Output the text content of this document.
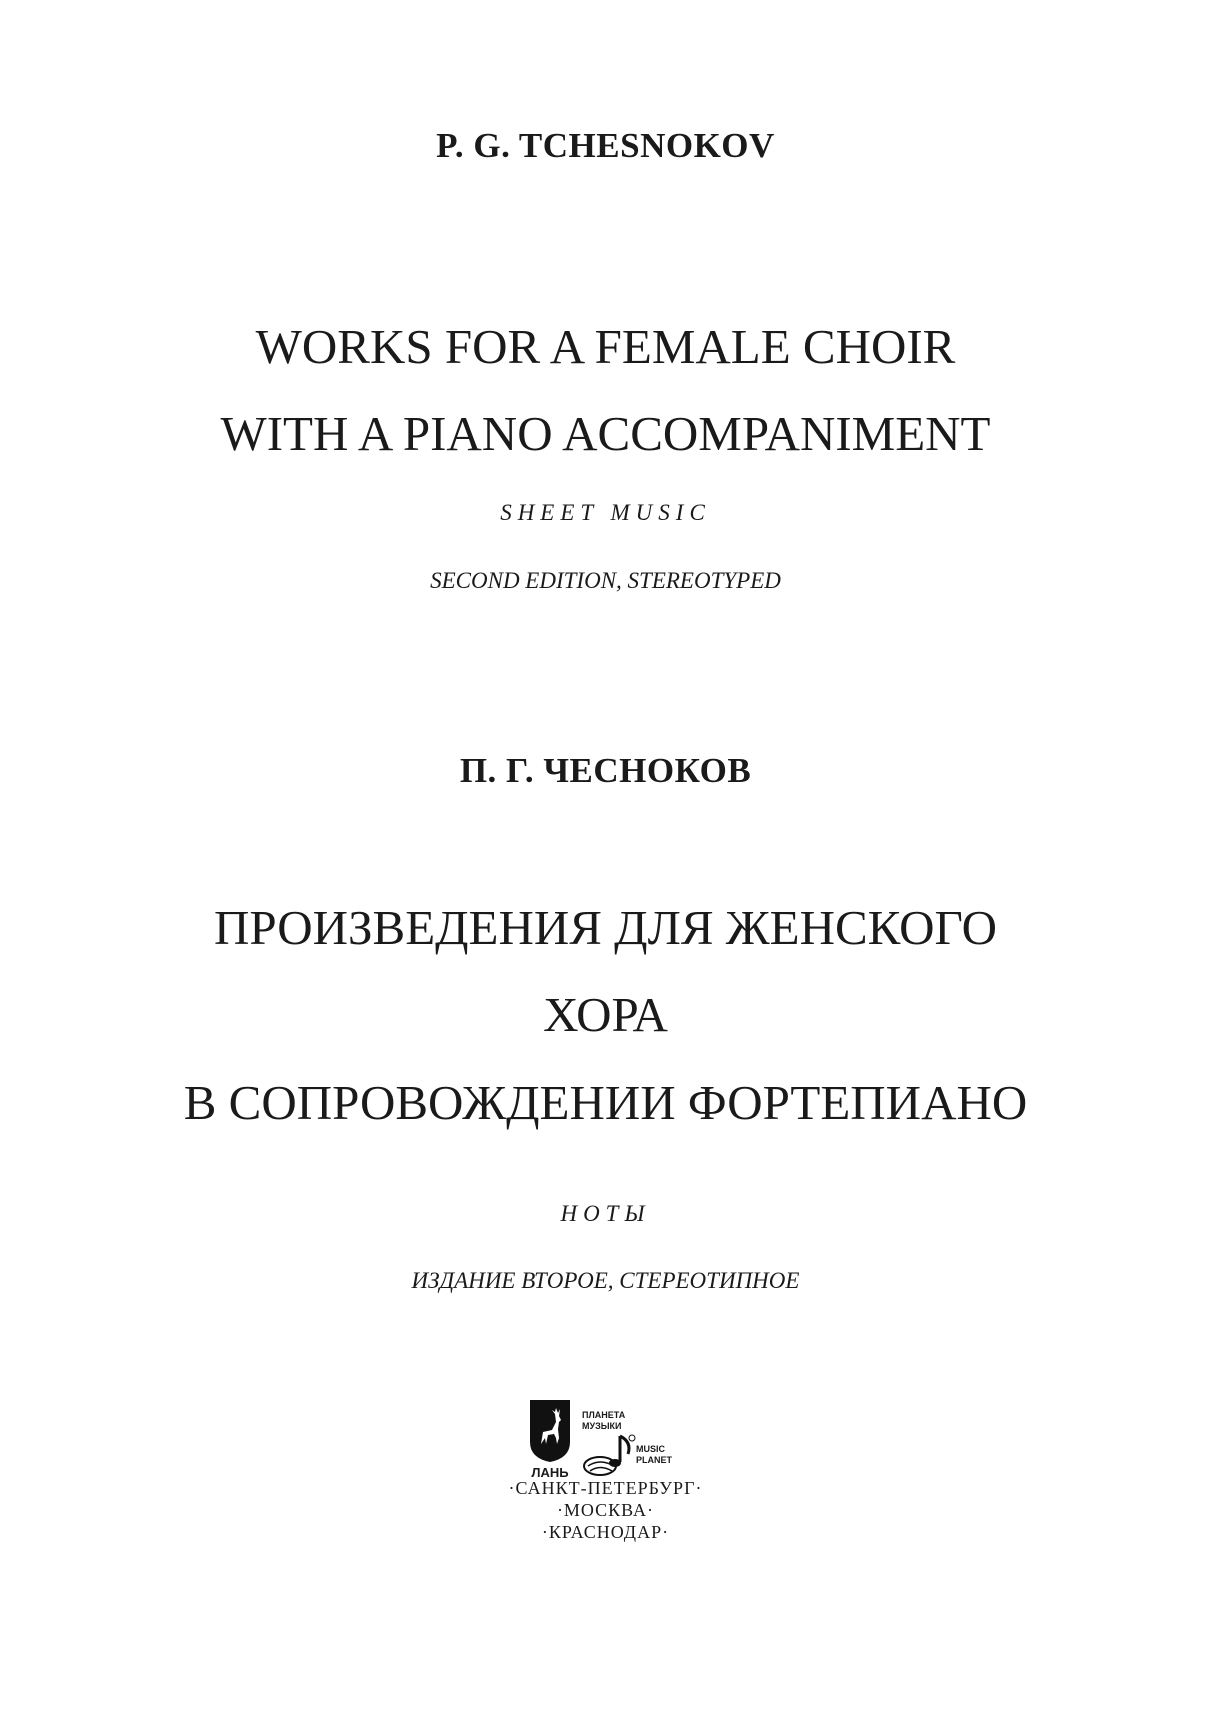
P. G. TCHESNOKOV
WORKS FOR A FEMALE CHOIR
WITH A PIANO ACCOMPANIMENT
SHEET MUSIC
SECOND EDITION, STEREOTYPED
П. Г. ЧЕСНОКОВ
ПРОИЗВЕДЕНИЯ ДЛЯ ЖЕНСКОГО
ХОРА
В СОПРОВОЖДЕНИИ ФОРТЕПИАНО
НОТЫ
ИЗДАНИЕ ВТОРОЕ, СТЕРЕОТИПНОЕ
ЛАНЬ
ПЛАНЕТА МУЗЫКИ
MUSIC PLANET
·САНКТ-ПЕТЕРБУРГ·
·МОСКВА·
·КРАСНОДАР·
